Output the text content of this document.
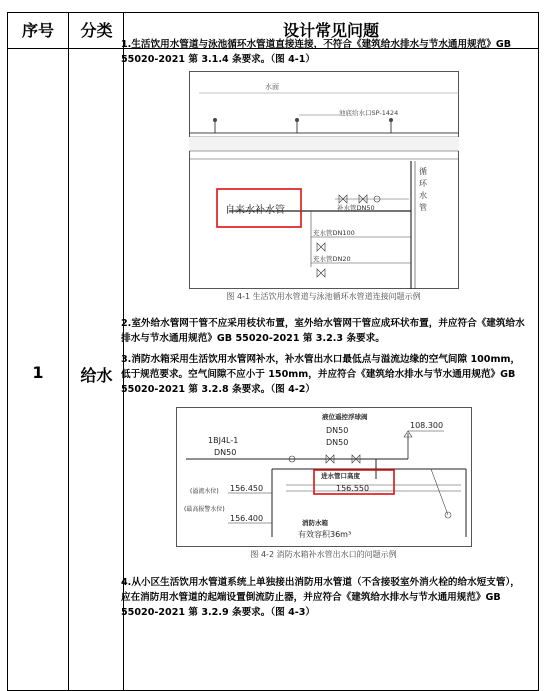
序号	分类	设计常见问题
1	给水
1.生活饮用水管道与泳池循环水管道直接连接，不符合《建筑给水排水与节水通用规范》GB 55020-2021 第 3.1.4 条要求。（图 4-1）
水面
池底给水口SP-1424
循
环
水
管
补水管DN50
自来水补水管
充水管DN100
充水管DN20
图 4-1 生活饮用水管道与泳池循环水管道连接问题示例
2.室外给水管网干管不应采用枝状布置，室外给水管网干管应成环状布置，并应符合《建筑给水排水与节水通用规范》GB 55020-2021 第 3.2.3 条要求。
3.消防水箱采用生活饮用水管网补水，补水管出水口最低点与溢流边缘的空气间隙 100mm，低于规范要求。空气间隙不应小于 150mm，并应符合《建筑给水排水与节水通用规范》GB 55020-2021 第 3.2.8 条要求。（图 4-2）
液位遥控浮球阀
DN50
DN50
108.300
1BJ4L-1
DN50
进水管口高度
156.550
(溢流水位)
(最高报警水位)
156.450
156.400	消防水箱
有效容积36m³
图 4-2 消防水箱补水管出水口的问题示例
4.从小区生活饮用水管道系统上单独接出消防用水管道（不含接驳室外消火栓的给水短支管），应在消防用水管道的起端设置倒流防止器，并应符合《建筑给水排水与节水通用规范》GB 55020-2021 第 3.2.9 条要求。（图 4-3）
